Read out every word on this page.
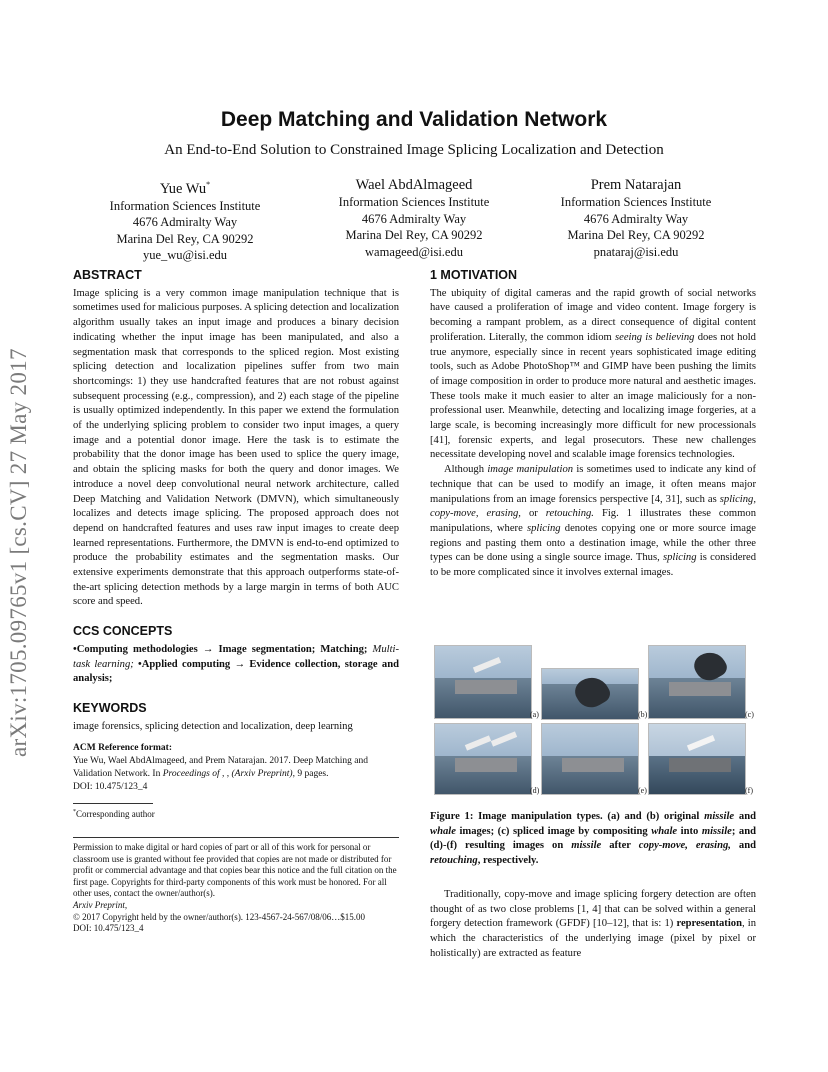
arXiv:1705.09765v1 [cs.CV] 27 May 2017
Deep Matching and Validation Network
An End-to-End Solution to Constrained Image Splicing Localization and Detection
Yue Wu*
Information Sciences Institute
4676 Admiralty Way
Marina Del Rey, CA 90292
yue_wu@isi.edu
Wael AbdAlmageed
Information Sciences Institute
4676 Admiralty Way
Marina Del Rey, CA 90292
wamageed@isi.edu
Prem Natarajan
Information Sciences Institute
4676 Admiralty Way
Marina Del Rey, CA 90292
pnataraj@isi.edu
ABSTRACT

Image splicing is a very common image manipulation technique that is sometimes used for malicious purposes. A splicing detection and localization algorithm usually takes an input image and produces a binary decision indicating whether the input image has been manipulated, and also a segmentation mask that corresponds to the spliced region. Most existing splicing detection and localization pipelines suffer from two main shortcomings: 1) they use handcrafted features that are not robust against subsequent processing (e.g., compression), and 2) each stage of the pipeline is usually optimized independently. In this paper we extend the formulation of the underlying splicing problem to consider two input images, a query image and a potential donor image. Here the task is to estimate the probability that the donor image has been used to splice the query image, and obtain the splicing masks for both the query and donor images. We introduce a novel deep convolutional neural network architecture, called Deep Matching and Validation Network (DMVN), which simultaneously localizes and detects image splicing. The proposed approach does not depend on handcrafted features and uses raw input images to create deep learned representations. Furthermore, the DMVN is end-to-end optimized to produce the probability estimates and the segmentation masks. Our extensive experiments demonstrate that this approach outperforms state-of-the-art splicing detection methods by a large margin in terms of both AUC score and speed.

CCS CONCEPTS

•Computing methodologies → Image segmentation; Matching; Multi-task learning; •Applied computing → Evidence collection, storage and analysis;

KEYWORDS

image forensics, splicing detection and localization, deep learning

ACM Reference format:
Yue Wu, Wael AbdAlmageed, and Prem Natarajan. 2017. Deep Matching and Validation Network. In Proceedings of , , (Arxiv Preprint), 9 pages.
DOI: 10.475/123_4
*Corresponding author
Permission to make digital or hard copies of part or all of this work for personal or classroom use is granted without fee provided that copies are not made or distributed for profit or commercial advantage and that copies bear this notice and the full citation on the first page. Copyrights for third-party components of this work must be honored. For all other uses, contact the owner/author(s).
Arxiv Preprint,
© 2017 Copyright held by the owner/author(s). 123-4567-24-567/08/06…$15.00
DOI: 10.475/123_4
1 MOTIVATION

The ubiquity of digital cameras and the rapid growth of social networks have caused a proliferation of image and video content. Image forgery is becoming a rampant problem, as a direct consequence of digital content proliferation. Literally, the common idiom seeing is believing does not hold true anymore, especially since in recent years sophisticated image editing tools, such as Adobe PhotoShop™ and GIMP have been pushing the limits of image composition in order to produce more natural and aesthetic images. These tools make it much easier to alter an image maliciously for a non-professional user. Meanwhile, detecting and localizing image forgeries, at a large scale, is becoming increasingly more difficult for new processionals [41], forensic experts, and legal prosecutors. These new challenges necessitate developing novel and scalable image forensics technologies.

Although image manipulation is sometimes used to indicate any kind of technique that can be used to modify an image, it often means major manipulations from an image forensics perspective [4, 31], such as splicing, copy-move, erasing, or retouching. Fig. 1 illustrates these common manipulations, where splicing denotes copying one or more source image regions and pasting them onto a destination image, while the other three types can be done using a single source image. Thus, splicing is considered to be more complicated since it involves external images.

(a)	(b)	(c)
(d)	(e)	(f)
Figure 1: Image manipulation types. (a) and (b) original missile and whale images; (c) spliced image by compositing whale into missile; and (d)-(f) resulting images on missile after copy-move, erasing, and retouching, respectively.
Traditionally, copy-move and image splicing forgery detection are often thought of as two close problems [1, 4] that can be solved within a general forgery detection framework (GFDF) [10–12], that is: 1) representation, in which the characteristics of the underlying image (pixel by pixel or holistically) are extracted as feature
